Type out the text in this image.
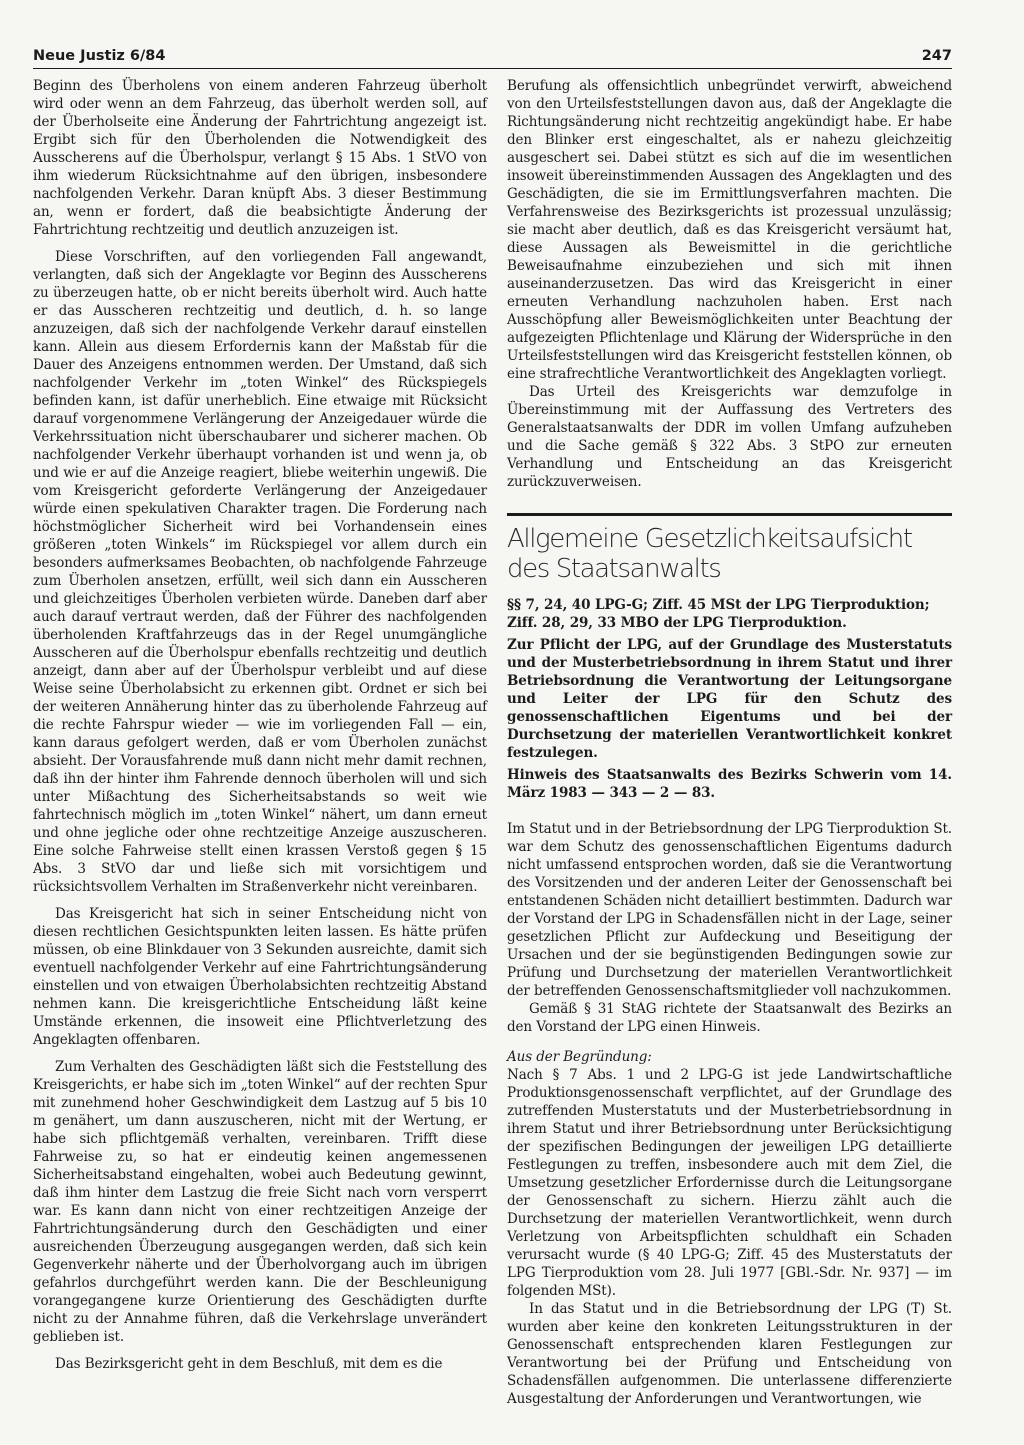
Neue Justiz 6/84	247

Beginn des Überholens von einem anderen Fahrzeug überholt wird oder wenn an dem Fahrzeug, das überholt werden soll, auf der Überholseite eine Änderung der Fahrtrichtung angezeigt ist. Ergibt sich für den Überholenden die Notwendigkeit des Ausscherens auf die Überholspur, verlangt § 15 Abs. 1 StVO von ihm wiederum Rücksichtnahme auf den übrigen, insbesondere nachfolgenden Verkehr. Daran knüpft Abs. 3 dieser Bestimmung an, wenn er fordert, daß die beabsichtigte Änderung der Fahrtrichtung rechtzeitig und deutlich anzuzeigen ist.

Diese Vorschriften, auf den vorliegenden Fall angewandt, verlangten, daß sich der Angeklagte vor Beginn des Ausscherens zu überzeugen hatte, ob er nicht bereits überholt wird. Auch hatte er das Ausscheren rechtzeitig und deutlich, d. h. so lange anzuzeigen, daß sich der nachfolgende Verkehr darauf einstellen kann. Allein aus diesem Erfordernis kann der Maßstab für die Dauer des Anzeigens entnommen werden. Der Umstand, daß sich nachfolgender Verkehr im „toten Winkel“ des Rückspiegels befinden kann, ist dafür unerheblich. Eine etwaige mit Rücksicht darauf vorgenommene Verlängerung der Anzeigedauer würde die Verkehrssituation nicht überschaubarer und sicherer machen. Ob nachfolgender Verkehr überhaupt vorhanden ist und wenn ja, ob und wie er auf die Anzeige reagiert, bliebe weiterhin ungewiß. Die vom Kreisgericht geforderte Verlängerung der Anzeigedauer würde einen spekulativen Charakter tragen. Die Forderung nach höchstmöglicher Sicherheit wird bei Vorhandensein eines größeren „toten Winkels“ im Rückspiegel vor allem durch ein besonders aufmerksames Beobachten, ob nachfolgende Fahrzeuge zum Überholen ansetzen, erfüllt, weil sich dann ein Ausscheren und gleichzeitiges Überholen verbieten würde. Daneben darf aber auch darauf vertraut werden, daß der Führer des nachfolgenden überholenden Kraftfahrzeugs das in der Regel unumgängliche Ausscheren auf die Überholspur ebenfalls rechtzeitig und deutlich anzeigt, dann aber auf der Überholspur verbleibt und auf diese Weise seine Überholabsicht zu erkennen gibt. Ordnet er sich bei der weiteren Annäherung hinter das zu überholende Fahrzeug auf die rechte Fahrspur wieder — wie im vorliegenden Fall — ein, kann daraus gefolgert werden, daß er vom Überholen zunächst absieht. Der Vorausfahrende muß dann nicht mehr damit rechnen, daß ihn der hinter ihm Fahrende dennoch überholen will und sich unter Mißachtung des Sicherheitsabstands so weit wie fahrtechnisch möglich im „toten Winkel“ nähert, um dann erneut und ohne jegliche oder ohne rechtzeitige Anzeige auszuscheren. Eine solche Fahrweise stellt einen krassen Verstoß gegen § 15 Abs. 3 StVO dar und ließe sich mit vorsichtigem und rücksichtsvollem Verhalten im Straßenverkehr nicht vereinbaren.

Das Kreisgericht hat sich in seiner Entscheidung nicht von diesen rechtlichen Gesichtspunkten leiten lassen. Es hätte prüfen müssen, ob eine Blinkdauer von 3 Sekunden ausreichte, damit sich eventuell nachfolgender Verkehr auf eine Fahrtrichtungsänderung einstellen und von etwaigen Überholabsichten rechtzeitig Abstand nehmen kann. Die kreisgerichtliche Entscheidung läßt keine Umstände erkennen, die insoweit eine Pflichtverletzung des Angeklagten offenbaren.

Zum Verhalten des Geschädigten läßt sich die Feststellung des Kreisgerichts, er habe sich im „toten Winkel“ auf der rechten Spur mit zunehmend hoher Geschwindigkeit dem Lastzug auf 5 bis 10 m genähert, um dann auszuscheren, nicht mit der Wertung, er habe sich pflichtgemäß verhalten, vereinbaren. Trifft diese Fahrweise zu, so hat er eindeutig keinen angemessenen Sicherheitsabstand eingehalten, wobei auch Bedeutung gewinnt, daß ihm hinter dem Lastzug die freie Sicht nach vorn versperrt war. Es kann dann nicht von einer rechtzeitigen Anzeige der Fahrtrichtungsänderung durch den Geschädigten und einer ausreichenden Überzeugung ausgegangen werden, daß sich kein Gegenverkehr näherte und der Überholvorgang auch im übrigen gefahrlos durchgeführt werden kann. Die der Beschleunigung vorangegangene kurze Orientierung des Geschädigten durfte nicht zu der Annahme führen, daß die Verkehrslage unverändert geblieben ist.

Das Bezirksgericht geht in dem Beschluß, mit dem es die

Berufung als offensichtlich unbegründet verwirft, abweichend von den Urteilsfeststellungen davon aus, daß der Angeklagte die Richtungsänderung nicht rechtzeitig angekündigt habe. Er habe den Blinker erst eingeschaltet, als er nahezu gleichzeitig ausgeschert sei. Dabei stützt es sich auf die im wesentlichen insoweit übereinstimmenden Aussagen des Angeklagten und des Geschädigten, die sie im Ermittlungsverfahren machten. Die Verfahrensweise des Bezirksgerichts ist prozessual unzulässig; sie macht aber deutlich, daß es das Kreisgericht versäumt hat, diese Aussagen als Beweismittel in die gerichtliche Beweisaufnahme einzubeziehen und sich mit ihnen auseinanderzusetzen. Das wird das Kreisgericht in einer erneuten Verhandlung nachzuholen haben. Erst nach Ausschöpfung aller Beweismöglichkeiten unter Beachtung der aufgezeigten Pflichtenlage und Klärung der Widersprüche in den Urteilsfeststellungen wird das Kreisgericht feststellen können, ob eine strafrechtliche Verantwortlichkeit des Angeklagten vorliegt.

Das Urteil des Kreisgerichts war demzufolge in Übereinstimmung mit der Auffassung des Vertreters des Generalstaatsanwalts der DDR im vollen Umfang aufzuheben und die Sache gemäß § 322 Abs. 3 StPO zur erneuten Verhandlung und Entscheidung an das Kreisgericht zurückzuverweisen.

Allgemeine Gesetzlichkeitsaufsicht des Staatsanwalts

§§ 7, 24, 40 LPG-G; Ziff. 45 MSt der LPG Tierproduktion; Ziff. 28, 29, 33 MBO der LPG Tierproduktion.

Zur Pflicht der LPG, auf der Grundlage des Musterstatuts und der Musterbetriebsordnung in ihrem Statut und ihrer Betriebsordnung die Verantwortung der Leitungsorgane und Leiter der LPG für den Schutz des genossenschaftlichen Eigentums und bei der Durchsetzung der materiellen Verantwortlichkeit konkret festzulegen.

Hinweis des Staatsanwalts des Bezirks Schwerin vom 14. März 1983 — 343 — 2 — 83.

Im Statut und in der Betriebsordnung der LPG Tierproduktion St. war dem Schutz des genossenschaftlichen Eigentums dadurch nicht umfassend entsprochen worden, daß sie die Verantwortung des Vorsitzenden und der anderen Leiter der Genossenschaft bei entstandenen Schäden nicht detailliert bestimmten. Dadurch war der Vorstand der LPG in Schadensfällen nicht in der Lage, seiner gesetzlichen Pflicht zur Aufdeckung und Beseitigung der Ursachen und der sie begünstigenden Bedingungen sowie zur Prüfung und Durchsetzung der materiellen Verantwortlichkeit der betreffenden Genossenschaftsmitglieder voll nachzukommen.

Gemäß § 31 StAG richtete der Staatsanwalt des Bezirks an den Vorstand der LPG einen Hinweis.

Aus der Begründung:

Nach § 7 Abs. 1 und 2 LPG-G ist jede Landwirtschaftliche Produktionsgenossenschaft verpflichtet, auf der Grundlage des zutreffenden Musterstatuts und der Musterbetriebsordnung in ihrem Statut und ihrer Betriebsordnung unter Berücksichtigung der spezifischen Bedingungen der jeweiligen LPG detaillierte Festlegungen zu treffen, insbesondere auch mit dem Ziel, die Umsetzung gesetzlicher Erfordernisse durch die Leitungsorgane der Genossenschaft zu sichern. Hierzu zählt auch die Durchsetzung der materiellen Verantwortlichkeit, wenn durch Verletzung von Arbeitspflichten schuldhaft ein Schaden verursacht wurde (§ 40 LPG-G; Ziff. 45 des Musterstatuts der LPG Tierproduktion vom 28. Juli 1977 [GBl.-Sdr. Nr. 937] — im folgenden MSt).

In das Statut und in die Betriebsordnung der LPG (T) St. wurden aber keine den konkreten Leitungsstrukturen in der Genossenschaft entsprechenden klaren Festlegungen zur Verantwortung bei der Prüfung und Entscheidung von Schadensfällen aufgenommen. Die unterlassene differenzierte Ausgestaltung der Anforderungen und Verantwortungen, wie
